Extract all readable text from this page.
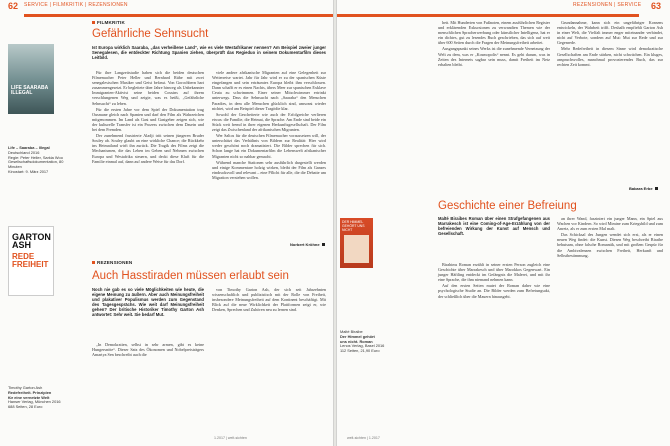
62 SERVICE | FILMKRITIK | REZENSIONEN
LIFE SAARABA ILLEGAL
Life – Saaraba – Illegal
Deutschland 2016
Regie: Peter Heller, Sarkia Woo
Gesellschaftsdokumentation, 80 Minuten
Kinostart: 9. März 2017
FILMKRITIK
Gefährliche Sehnsucht
Ist Europa wirklich Saaraba, „das verheißene Land“, wie es viele Westafrikaner nennen? Am Beispiel zweier junger Senegalesen, die entdeckter Richtung Spanien ziehen, überprüft das Regieduo in seinem Dokumentarfilm dieses Leitbild.

Für ihre Langzeitstudie haben sich die beiden deutschen Filmemacher Peter Heller und Bernhard Rübe mit zwei senegalesischen Musiker und Geist befasst. Von Gorochbern hart zusammengesetzt. Er begleitete über Jahre hinweg als Unbekannter Immigranten-Aktivist seine beiden Cousins auf ihrem verschlungenen Weg und zeigte, was es heißt, „Gefährliche Sehnsucht“ zu leben.

Für die ersten Jahre vor dem Spiel der Dokumentation trug Ousmane gleich nach Spanien und darf den Film als Wahrzeichen mitgenommen. Im Land als Gast und Gastgeber zeigen sich, wie der kulturelle Transfer ist ein Prozess zwischen dem Dasein und bei dem Fremden.

Der zunehmend frustrierte Aladji tritt seinen jüngeren Bruder Souley ab. Souley glaubt an eine wirkliche Chance; die Rückkehr ins Heimatland wirft ihn zurück. Die Tragik des Films zeigt die Mechanismen, die das Leben im Geben und Nehmen zwischen Europa und Westafrika steuern, und deckt diese Kluft für die Familie einmal auf, dann auf andere Weise für das Dorf.

viele andere afrikanische Migranten auf eine Gelegenheit zur Weiterreise wartet. Jahr für Jahr wird er zu der spanischen Küste eingefangen und sein erträumtes Europa bleibt ihm verschlossen. Dann schafft er es einen Nachts, übers Meer zur spanischen Exklave Ceuta zu schwimmen. Einer seiner Mitschwimmer ertrinkt unterwegs. Dass die Sehnsucht nach „Saaraba“ den Menschen Paradies, in dem alle Menschen glücklich sind, umsonst wieder nichtet, wird am Beispiel dieser Tragödie klar.

Sowohl der Gescheiterte wie auch der Erfolgreiche verlieren etwas: die Familie, die Heimat, die Sprache. Am Ende sind beide ein Stück weit fremd in ihrer eigenen Herkunftsgesellschaft. Der Film zeigt das Zwischenland der afrikanischen Migranten.

Wer Saltos für die deutschen Filmemacher voraussetzen will, der unterschätzt das Verhältnis von Bildern zur Realität: Hier wird weder geschönt noch dramatisiert. Die Bilder sprechen für sich. Schon lange hat ein Dokumentarfilm die Lebenswelt afrikanischer Migranten nicht so nahbar gemacht.

Während manche Stationen sehr ausführlich dargestellt werden und einige Kommentare holzig wirken, bleibt der Film als Ganzes eindrucksvoll und relevant – eine Pflicht für alle, die die Debatte um Migration verstehen wollen.

Norbert Kröhne
GARTON ASH
REDE FREIHEIT
Timothy Garton Ash
Redefreiheit. Prinzipien
für eine vernetzte Welt
Hanser Verlag, München 2016
688 Seiten, 28 Euro
REZENSIONEN
Auch Hasstiraden müssen erlaubt sein
Noch nie gab es so viele Möglichkeiten wie heute, die eigene Meinung zu äußern. Aber auch Meinungsfreiheit und plakativer Populismus werden zum Gegenstand des Tagesgesprächs. Wie weit darf Meinungsfreiheit gehen? Der britische Historiker Timothy Garton Ash antwortet: Sehr weit. Sie bedarf Mut.

„In Demokratien, selbst in sehr armen, gibt es keine Hungersnöte“. Dieser Satz des Ökonomen und Nobelpreisträgers Amartya Sen beschreibt auch die

von Timothy Garton Ash, der sich seit Jahrzehnten wissenschaftlich und publizistisch mit der Rolle von Freiheit, insbesondere Meinungsfreiheit auf dem Kontinent beschäftigt. Mit Blick auf die neue Wirklichkeit der Plattformen zeigt er, wie Denken, Sprechen und Zuhören neu zu lernen sind.

1.2017 | welt-sichten
REZENSIONEN | SERVICE 63

heit. Mit Hunderten von Fußnoten, einem ausführlichen Register und erklärenden Exkursionen zu verwandten Themen wie der menschlichen Spracherwerbung oder künstlicher Intelligenz, hat er ein dichtes, gut zu lesendes Buch geschrieben, das sich auf weit über 600 Seiten durch die Fragen der Meinungsfreiheit arbeitet.

Ausgangspunkt seines Werks ist die zunehmende Vernetzung der Welt zu dem, was er „Kosmopolis“ nennt. Es geht darum, was in Zeiten des Internets sagbar sein muss, damit Freiheit im Netz erhalten bleibt.

Grundannahme, kann sich ein ungefähriger Konsens entwickeln, der Wahrheit trifft. Deshalb empfiehlt Garton Ash in einer Welt, die Vielfalt immer enger miteinander verbindet, nicht auf Verbote, sondern auf Mut: Mut zur Rede und zur Gegenrede.

Mehr Redefreiheit in diesem Sinne wird demokratische Gesellschaften am Ende stärken, nicht schwächen. Ein kluges, anspruchsvolles, manchmal provozierendes Buch, das zur rechten Zeit kommt.

Babara Erbe
Geschichte einer Befreiung
Malté Biraibes Roman über einen Strafgefangenen aus Marrakesch ist eine Coming-of-Age-Erzählung von der befreienden Wirkung der Kunst auf Mensch und Gesellschaft.

Birahims Roman erzählt in seiner ersten Person zugleich eine Geschichte über Marrakesch und über Marokkos Gegenwart. Ein junger Häftling entdeckt im Gefängnis die Malerei, und mit ihr eine Sprache, die ihm niemand nehmen kann.

Auf den ersten Seiten mutet der Roman daher wie eine psychologische Studie an. Die Bilder werden zum Befreiungsakt, der schließlich über die Mauern hinausgeht.

an ihrer Wand, fasziniert ein junger Mann, ein Spiel aus Wachen vor Kindern. So wird Mimine zum Kriegsbild und zum Anreiz, als er zum ersten Mal malt.

Das Schicksal des Jungen wendet sich erst, als er einen neuen Weg findet: die Kunst. Diesen Weg beschreibt Biraibe behutsam, ohne falsche Romantik, und mit großem Gespür für die Ambivalenzen zwischen Freiheit, Herkunft und Selbstbestimmung.

Malté Biraibe
Der Himmel gehört
uns nicht. Roman
Lenos Verlag, Basel 2016
112 Seiten, 21,90 Euro
welt-sichten | 1.2017
DER HIMMEL GEHÖRT UNS NICHT
